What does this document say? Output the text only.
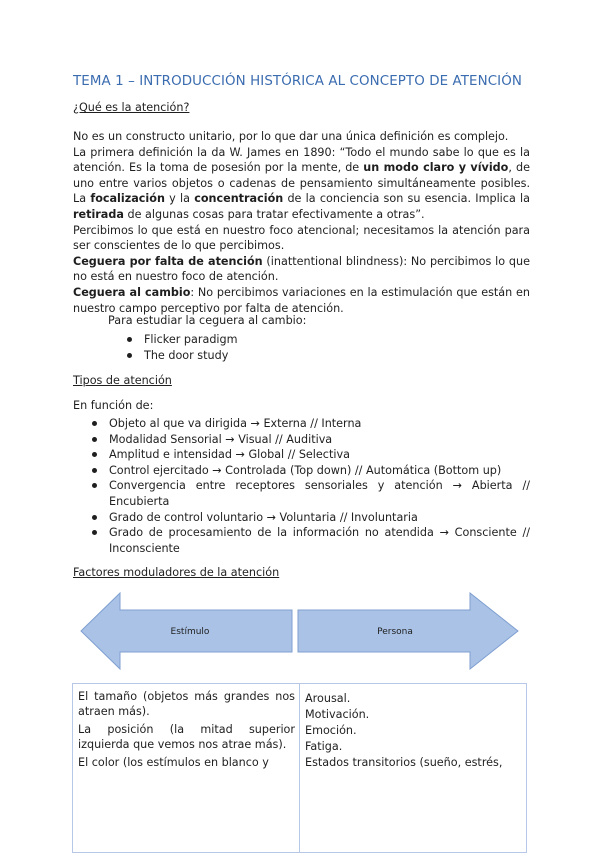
TEMA 1 – INTRODUCCIÓN HISTÓRICA AL CONCEPTO DE ATENCIÓN
¿Qué es la atención?
No es un constructo unitario, por lo que dar una única definición es complejo.
La primera definición la da W. James en 1890: “Todo el mundo sabe lo que es la atención. Es la toma de posesión por la mente, de un modo claro y vívido, de uno entre varios objetos o cadenas de pensamiento simultáneamente posibles. La focalización y la concentración de la conciencia son su esencia. Implica la retirada de algunas cosas para tratar efectivamente a otras”.
Percibimos lo que está en nuestro foco atencional; necesitamos la atención para ser conscientes de lo que percibimos.
Ceguera por falta de atención (inattentional blindness): No percibimos lo que no está en nuestro foco de atención.
Ceguera al cambio: No percibimos variaciones en la estimulación que están en nuestro campo perceptivo por falta de atención.
Para estudiar la ceguera al cambio:
Flicker paradigm
The door study
Tipos de atención
En función de:
Objeto al que va dirigida → Externa // Interna
Modalidad Sensorial → Visual // Auditiva
Amplitud e intensidad → Global // Selectiva
Control ejercitado → Controlada (Top down) // Automática (Bottom up)
Convergencia entre receptores sensoriales y atención → Abierta // Encubierta
Grado de control voluntario → Voluntaria // Involuntaria
Grado de procesamiento de la información no atendida → Consciente // Inconsciente
Factores moduladores de la atención
Estímulo	Persona

El tamaño (objetos más grandes nos atraen más).

La posición (la mitad superior izquierda que vemos nos atrae más).

El color (los estímulos en blanco y

Arousal.

Motivación.

Emoción.

Fatiga.

Estados transitorios (sueño, estrés,
